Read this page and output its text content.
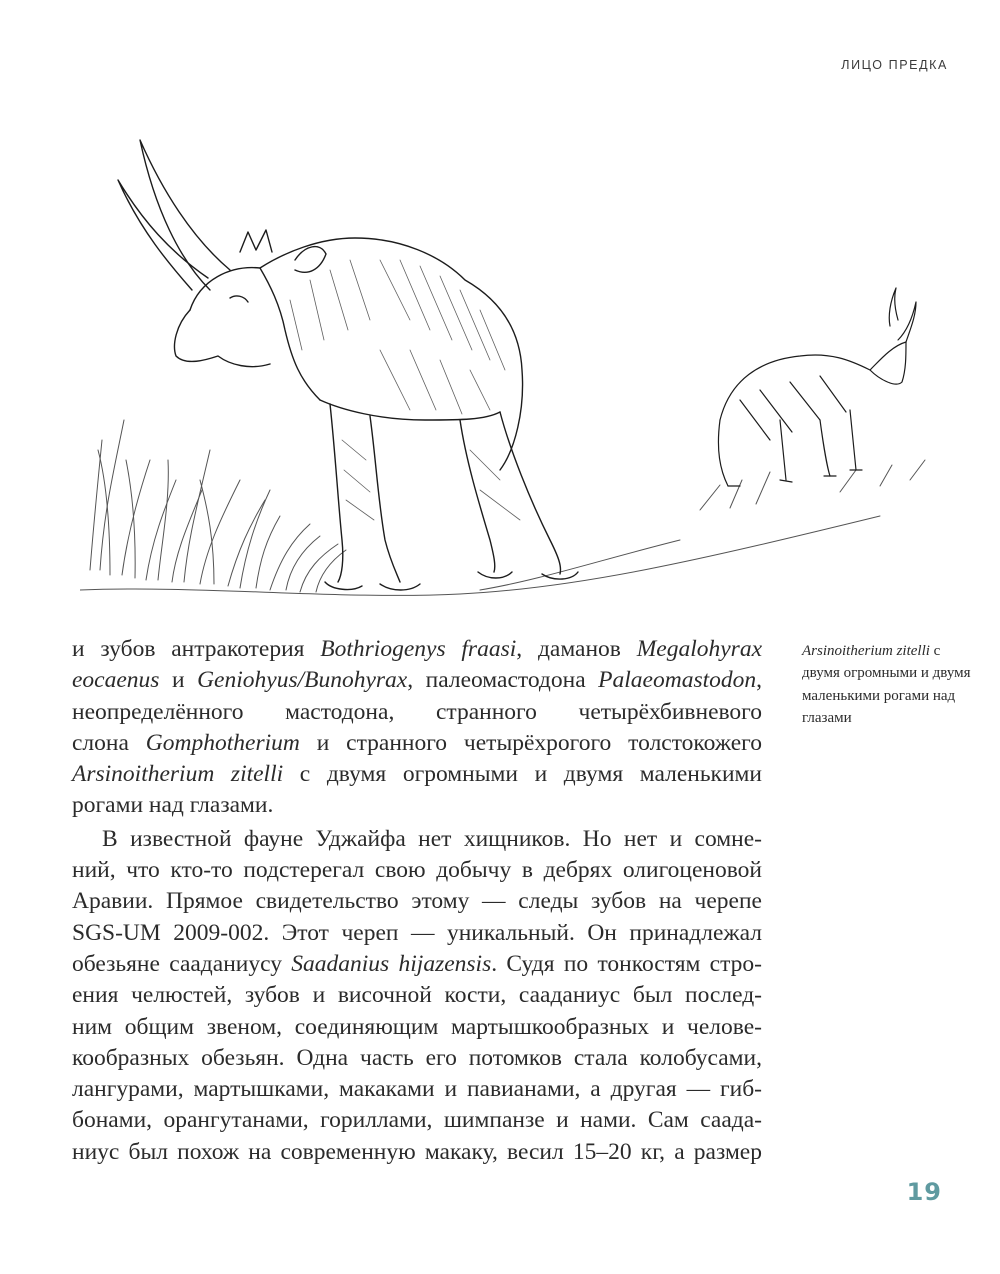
ЛИЦО ПРЕДКА
и зубов антракотерия Bothriogenys fraasi, даманов Megalohyrax
eocaenus и Geniohyus/Bunohyrax, палеомастодона Palaeomastodon,
неопределённого мастодона, странного четырёхбивневого
слона Gomphotherium и странного четырёхрогого толстокожего
Arsinoitherium zitelli с двумя огромными и двумя маленькими
рогами над глазами.
В известной фауне Уджайфа нет хищников. Но нет и сомне-
ний, что кто-то подстерегал свою добычу в дебрях олигоценовой
Аравии. Прямое свидетельство этому — следы зубов на черепе
SGS-UM 2009-002. Этот череп — уникальный. Он принадлежал
обезьяне сааданиусу Saadanius hijazensis. Судя по тонкостям стро-
ения челюстей, зубов и височной кости, сааданиус был послед-
ним общим звеном, соединяющим мартышкообразных и челове-
кообразных обезьян. Одна часть его потомков стала колобусами,
лангурами, мартышками, макаками и павианами, а другая — гиб-
бонами, орангутанами, гориллами, шимпанзе и нами. Сам саада-
ниус был похож на современную макаку, весил 15–20 кг, а размер
Arsinoitherium zitelli с двумя огромными и двумя маленькими рогами над глазами
19
